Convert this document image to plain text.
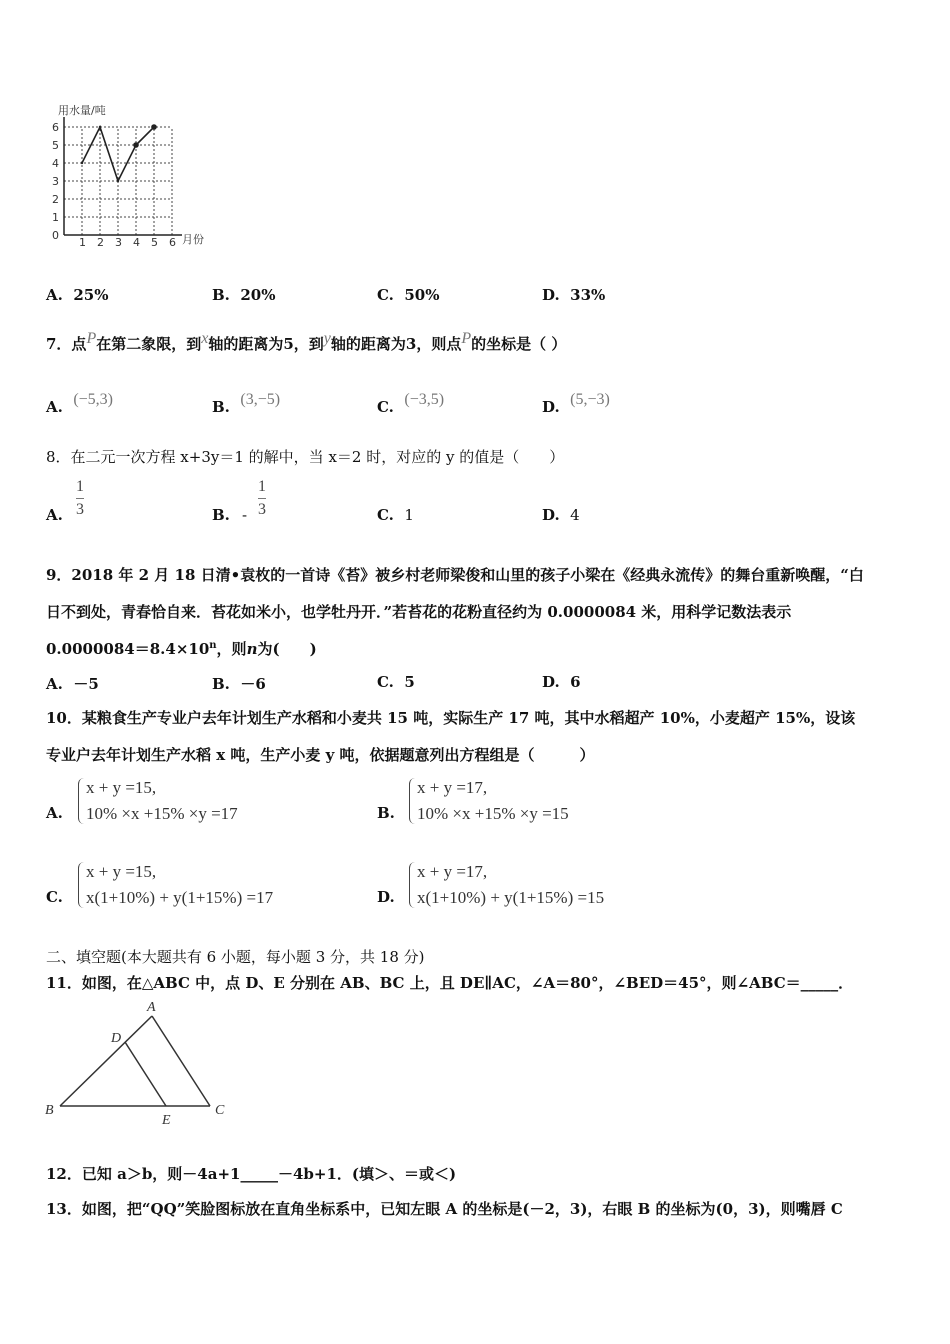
1 2 3 4 5 6
0
1
2
3
4
5
6
用水量/吨
月份
A. 25%	B. 20%	C. 50%	D. 33%
7．点P在第二象限，到x轴的距离为5，到y轴的距离为3，则点P的坐标是（ ）
A. (−5,3)	B. (3,−5)	C. (−3,5)	D. (5,−3)
8．在二元一次方程 x+3y＝1 的解中，当 x＝2 时，对应的 y 的值是（　　）
A.
1
3	B. -
1
3	C. 1	D. 4
9．2018 年 2 月 18 日清•袁枚的一首诗《苔》被乡村老师梁俊和山里的孩子小梁在《经典永流传》的舞台重新唤醒，“白
日不到处，青春恰自来．苔花如米小，也学牡丹开．”若苔花的花粉直径约为 0.0000084 米，用科学记数法表示
$0.0000084=8.4\times 10^n$，则n为(　　)
A. －5	B. －6	C. 5	D. 6
10．某粮食生产专业户去年计划生产水稻和小麦共 15 吨，实际生产 17 吨，其中水稻超产 10%，小麦超产 15%，设该
专业户去年计划生产水稻 x 吨，生产小麦 y 吨，依据题意列出方程组是（　　　）
A.
x + y =15,
10% ×x +15% ×y =17	B.
x + y =17,
10% ×x +15% ×y =15
C.
x + y =15,
x(1+10%) + y(1+15%) =17	D.
x + y =17,
x(1+10%) + y(1+15%) =15
二、填空题(本大题共有 6 小题，每小题 3 分，共 18 分)
11．如图，在△ABC 中，点 D、E 分别在 AB、BC 上，且 DE∥AC，∠A＝80°，∠BED＝45°，则∠ABC＝_____．
A
D
B
E
C
12．已知 a＞b，则－4a+1_____－4b+1．(填＞、＝或＜)
13．如图，把“QQ”笑脸图标放在直角坐标系中，已知左眼 A 的坐标是(－2，3)，右眼 B 的坐标为(0，3)，则嘴唇 C
